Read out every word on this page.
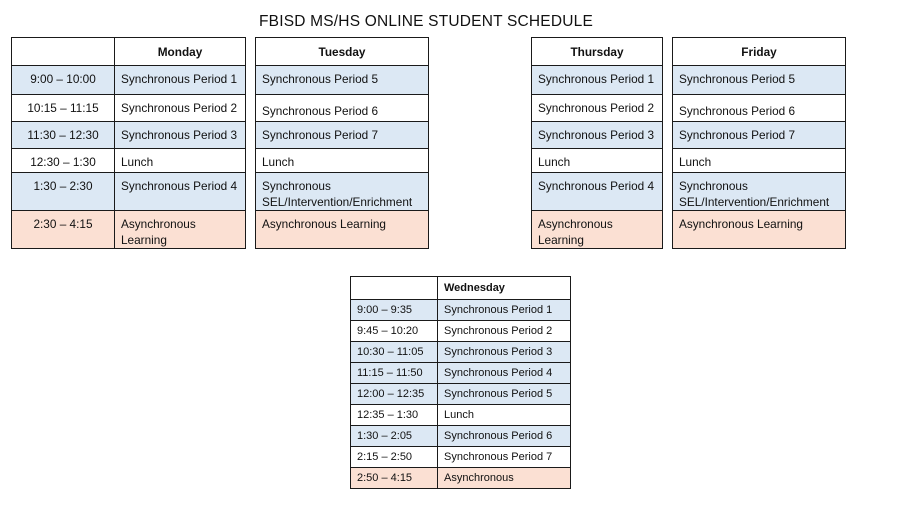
FBISD MS/HS ONLINE STUDENT SCHEDULE
	Monday
9:00 – 10:00	Synchronous Period 1
10:15 – 11:15	Synchronous Period 2
11:30 – 12:30	Synchronous Period 3
12:30 – 1:30	Lunch
1:30 – 2:30	Synchronous Period 4
2:30 – 4:15	Asynchronous Learning
Tuesday
Synchronous Period 5
Synchronous Period 6
Synchronous Period 7
Lunch
Synchronous SEL/Intervention/Enrichment
Asynchronous Learning
Thursday
Synchronous Period 1
Synchronous Period 2
Synchronous Period 3
Lunch
Synchronous Period 4
Asynchronous Learning
Friday
Synchronous Period 5
Synchronous Period 6
Synchronous Period 7
Lunch
Synchronous SEL/Intervention/Enrichment
Asynchronous Learning
	Wednesday
9:00 – 9:35	Synchronous Period 1
9:45 – 10:20	Synchronous Period 2
10:30 – 11:05	Synchronous Period 3
11:15 – 11:50	Synchronous Period 4
12:00 – 12:35	Synchronous Period 5
12:35 – 1:30	Lunch
1:30 – 2:05	Synchronous Period 6
2:15 – 2:50	Synchronous Period 7
2:50 – 4:15	Asynchronous
